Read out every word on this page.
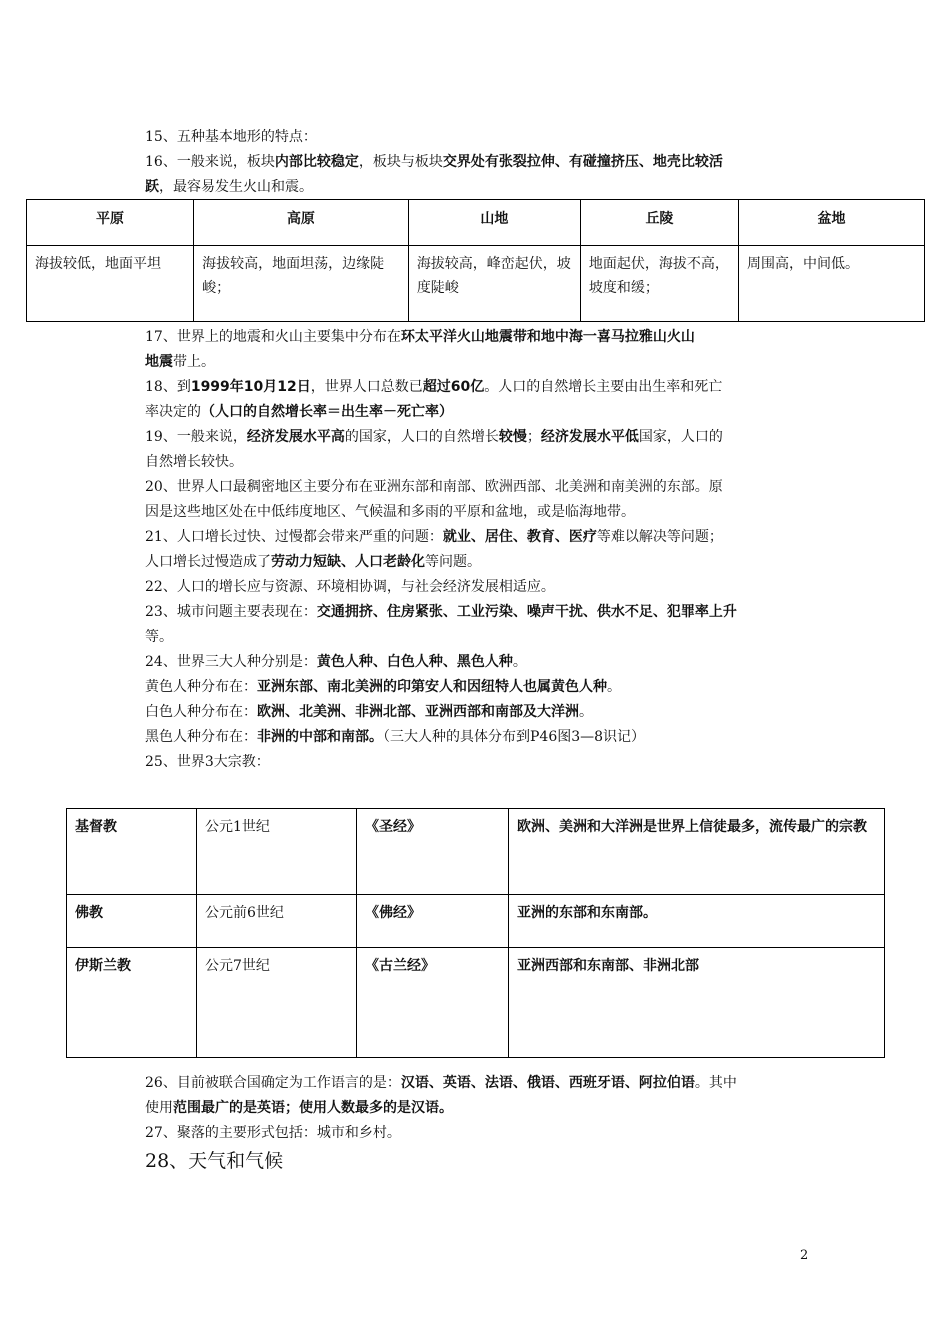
15、五种基本地形的特点：
16、一般来说，板块内部比较稳定，板块与板块交界处有张裂拉伸、有碰撞挤压、地壳比较活
跃，最容易发生火山和震。
平原	高原	山地	丘陵	盆地
海拔较低，地面平坦	海拔较高，地面坦荡，边缘陡峻；	海拔较高，峰峦起伏，坡度陡峻	地面起伏，海拔不高，坡度和缓；	周围高，中间低。
17、世界上的地震和火山主要集中分布在环太平洋火山地震带和地中海一喜马拉雅山火山
地震带上。
18、到1999年10月12日，世界人口总数已超过60亿。人口的自然增长主要由出生率和死亡
率决定的（人口的自然增长率＝出生率－死亡率）
19、一般来说，经济发展水平高的国家，人口的自然增长较慢；经济发展水平低国家，人口的
自然增长较快。
20、世界人口最稠密地区主要分布在亚洲东部和南部、欧洲西部、北美洲和南美洲的东部。原
因是这些地区处在中低纬度地区、气候温和多雨的平原和盆地，或是临海地带。
21、人口增长过快、过慢都会带来严重的问题：就业、居住、教育、医疗等难以解决等问题；
人口增长过慢造成了劳动力短缺、人口老龄化等问题。
22、人口的增长应与资源、环境相协调，与社会经济发展相适应。
23、城市问题主要表现在：交通拥挤、住房紧张、工业污染、噪声干扰、供水不足、犯罪率上升
等。
24、世界三大人种分别是：黄色人种、白色人种、黑色人种。
黄色人种分布在：亚洲东部、南北美洲的印第安人和因纽特人也属黄色人种。
白色人种分布在：欧洲、北美洲、非洲北部、亚洲西部和南部及大洋洲。
黑色人种分布在：非洲的中部和南部。（三大人种的具体分布到P46图3—8识记）
25、世界3大宗教：
基督教	公元1世纪	《圣经》	欧洲、美洲和大洋洲是世界上信徒最多，流传最广的宗教
佛教	公元前6世纪	《佛经》	亚洲的东部和东南部。
伊斯兰教	公元7世纪	《古兰经》	亚洲西部和东南部、非洲北部
26、目前被联合国确定为工作语言的是：汉语、英语、法语、俄语、西班牙语、阿拉伯语。其中
使用范围最广的是英语；使用人数最多的是汉语。
27、聚落的主要形式包括：城市和乡村。
28、天气和气候
2
